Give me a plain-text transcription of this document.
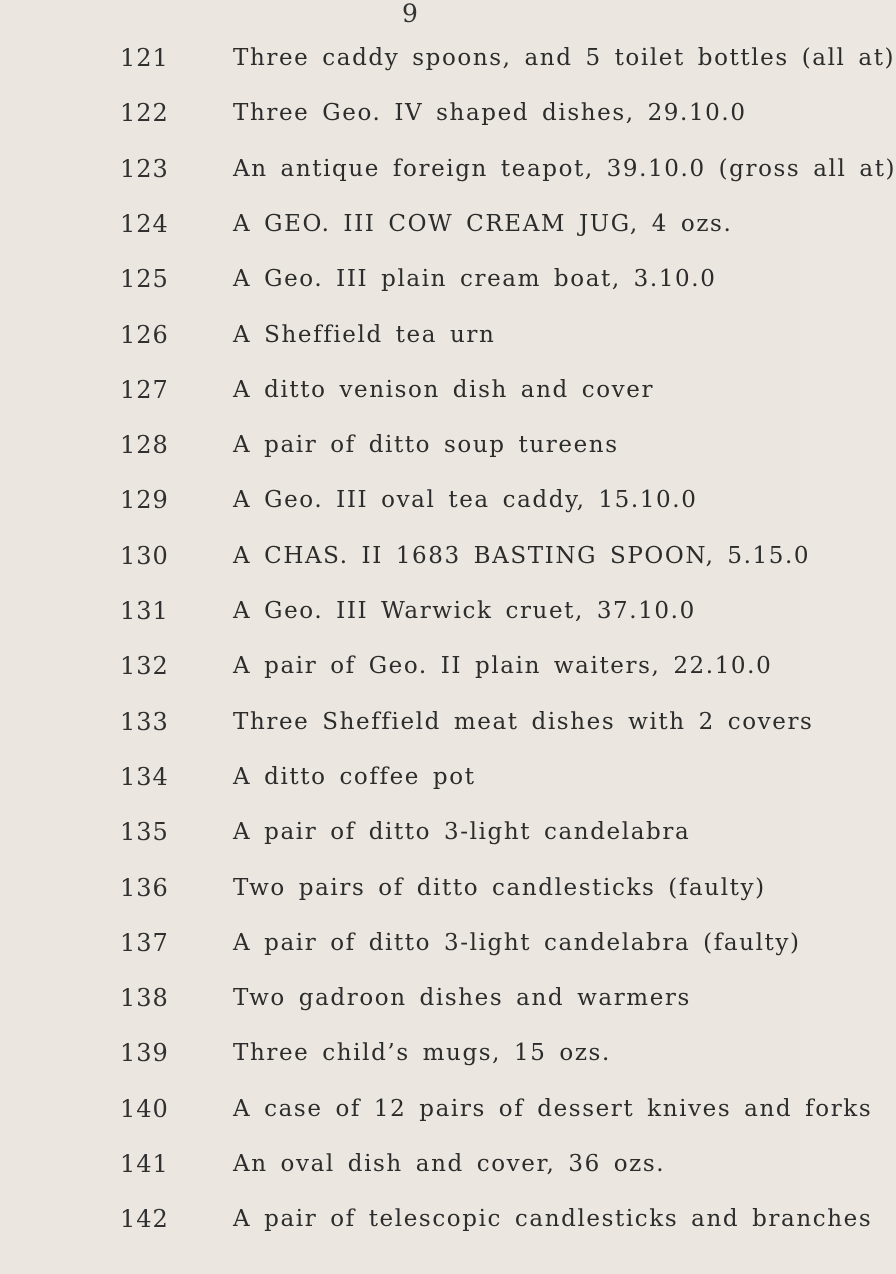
9
121	Three caddy spoons, and 5 toilet bottles (all at)
122	Three Geo. IV shaped dishes, 29.10.0
123	An antique foreign teapot, 39.10.0 (gross all at)
124	A GEO. III COW CREAM JUG, 4 ozs.
125	A Geo. III plain cream boat, 3.10.0
126	A Sheffield tea urn
127	A ditto venison dish and cover
128	A pair of ditto soup tureens
129	A Geo. III oval tea caddy, 15.10.0
130	A CHAS. II 1683 BASTING SPOON, 5.15.0
131	A Geo. III Warwick cruet, 37.10.0
132	A pair of Geo. II plain waiters, 22.10.0
133	Three Sheffield meat dishes with 2 covers
134	A ditto coffee pot
135	A pair of ditto 3-light candelabra
136	Two pairs of ditto candlesticks (faulty)
137	A pair of ditto 3-light candelabra (faulty)
138	Two gadroon dishes and warmers
139	Three child’s mugs, 15 ozs.
140	A case of 12 pairs of dessert knives and forks
141	An oval dish and cover, 36 ozs.
142	A pair of telescopic candlesticks and branches
